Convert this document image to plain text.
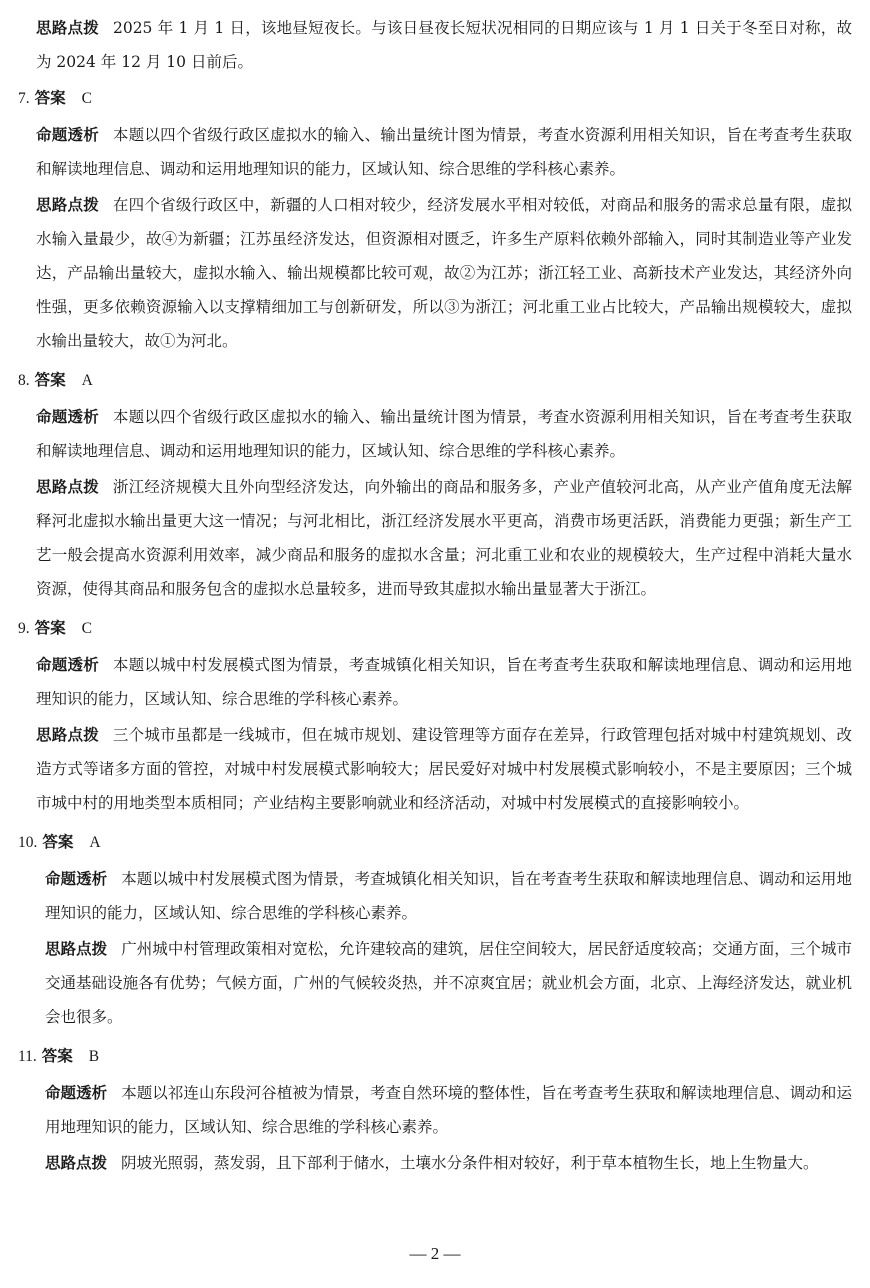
思路点拨 2025 年 1 月 1 日，该地昼短夜长。与该日昼夜长短状况相同的日期应该与 1 月 1 日关于冬至日对称，故为 2024 年 12 月 10 日前后。

7. 答案 C

命题透析 本题以四个省级行政区虚拟水的输入、输出量统计图为情景，考查水资源利用相关知识，旨在考查考生获取和解读地理信息、调动和运用地理知识的能力，区域认知、综合思维的学科核心素养。

思路点拨 在四个省级行政区中，新疆的人口相对较少，经济发展水平相对较低，对商品和服务的需求总量有限，虚拟水输入量最少，故④为新疆；江苏虽经济发达，但资源相对匮乏，许多生产原料依赖外部输入，同时其制造业等产业发达，产品输出量较大，虚拟水输入、输出规模都比较可观，故②为江苏；浙江轻工业、高新技术产业发达，其经济外向性强，更多依赖资源输入以支撑精细加工与创新研发，所以③为浙江；河北重工业占比较大，产品输出规模较大，虚拟水输出量较大，故①为河北。

8. 答案 A

命题透析 本题以四个省级行政区虚拟水的输入、输出量统计图为情景，考查水资源利用相关知识，旨在考查考生获取和解读地理信息、调动和运用地理知识的能力，区域认知、综合思维的学科核心素养。

思路点拨 浙江经济规模大且外向型经济发达，向外输出的商品和服务多，产业产值较河北高，从产业产值角度无法解释河北虚拟水输出量更大这一情况；与河北相比，浙江经济发展水平更高，消费市场更活跃，消费能力更强；新生产工艺一般会提高水资源利用效率，减少商品和服务的虚拟水含量；河北重工业和农业的规模较大，生产过程中消耗大量水资源，使得其商品和服务包含的虚拟水总量较多，进而导致其虚拟水输出量显著大于浙江。

9. 答案 C

命题透析 本题以城中村发展模式图为情景，考查城镇化相关知识，旨在考查考生获取和解读地理信息、调动和运用地理知识的能力，区域认知、综合思维的学科核心素养。

思路点拨 三个城市虽都是一线城市，但在城市规划、建设管理等方面存在差异，行政管理包括对城中村建筑规划、改造方式等诸多方面的管控，对城中村发展模式影响较大；居民爱好对城中村发展模式影响较小，不是主要原因；三个城市城中村的用地类型本质相同；产业结构主要影响就业和经济活动，对城中村发展模式的直接影响较小。

10. 答案 A

命题透析 本题以城中村发展模式图为情景，考查城镇化相关知识，旨在考查考生获取和解读地理信息、调动和运用地理知识的能力，区域认知、综合思维的学科核心素养。

思路点拨 广州城中村管理政策相对宽松，允许建较高的建筑，居住空间较大，居民舒适度较高；交通方面，三个城市交通基础设施各有优势；气候方面，广州的气候较炎热，并不凉爽宜居；就业机会方面，北京、上海经济发达，就业机会也很多。

11. 答案 B

命题透析 本题以祁连山东段河谷植被为情景，考查自然环境的整体性，旨在考查考生获取和解读地理信息、调动和运用地理知识的能力，区域认知、综合思维的学科核心素养。

思路点拨 阴坡光照弱，蒸发弱，且下部利于储水，土壤水分条件相对较好，利于草本植物生长，地上生物量大。

— 2 —
